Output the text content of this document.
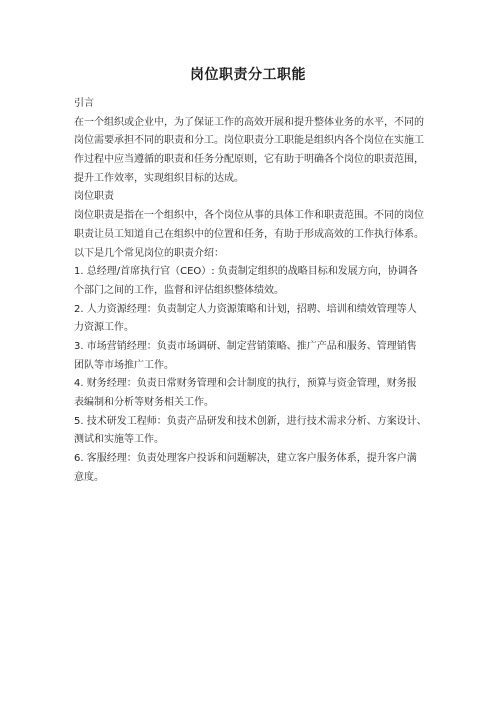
岗位职责分工职能
引言
在一个组织或企业中，为了保证工作的高效开展和提升整体业务的水平，不同的
岗位需要承担不同的职责和分工。岗位职责分工职能是组织内各个岗位在实施工
作过程中应当遵循的职责和任务分配原则，它有助于明确各个岗位的职责范围，
提升工作效率，实现组织目标的达成。
岗位职责
岗位职责是指在一个组织中，各个岗位从事的具体工作和职责范围。不同的岗位
职责让员工知道自己在组织中的位置和任务，有助于形成高效的工作执行体系。
以下是几个常见岗位的职责介绍：
1. 总经理/首席执行官（CEO）: 负责制定组织的战略目标和发展方向，协调各
个部门之间的工作，监督和评估组织整体绩效。
2. 人力资源经理：负责制定人力资源策略和计划，招聘、培训和绩效管理等人
力资源工作。
3. 市场营销经理：负责市场调研、制定营销策略、推广产品和服务、管理销售
团队等市场推广工作。
4. 财务经理：负责日常财务管理和会计制度的执行，预算与资金管理，财务报
表编制和分析等财务相关工作。
5. 技术研发工程师：负责产品研发和技术创新，进行技术需求分析、方案设计、
测试和实施等工作。
6. 客服经理：负责处理客户投诉和问题解决，建立客户服务体系，提升客户满
意度。
